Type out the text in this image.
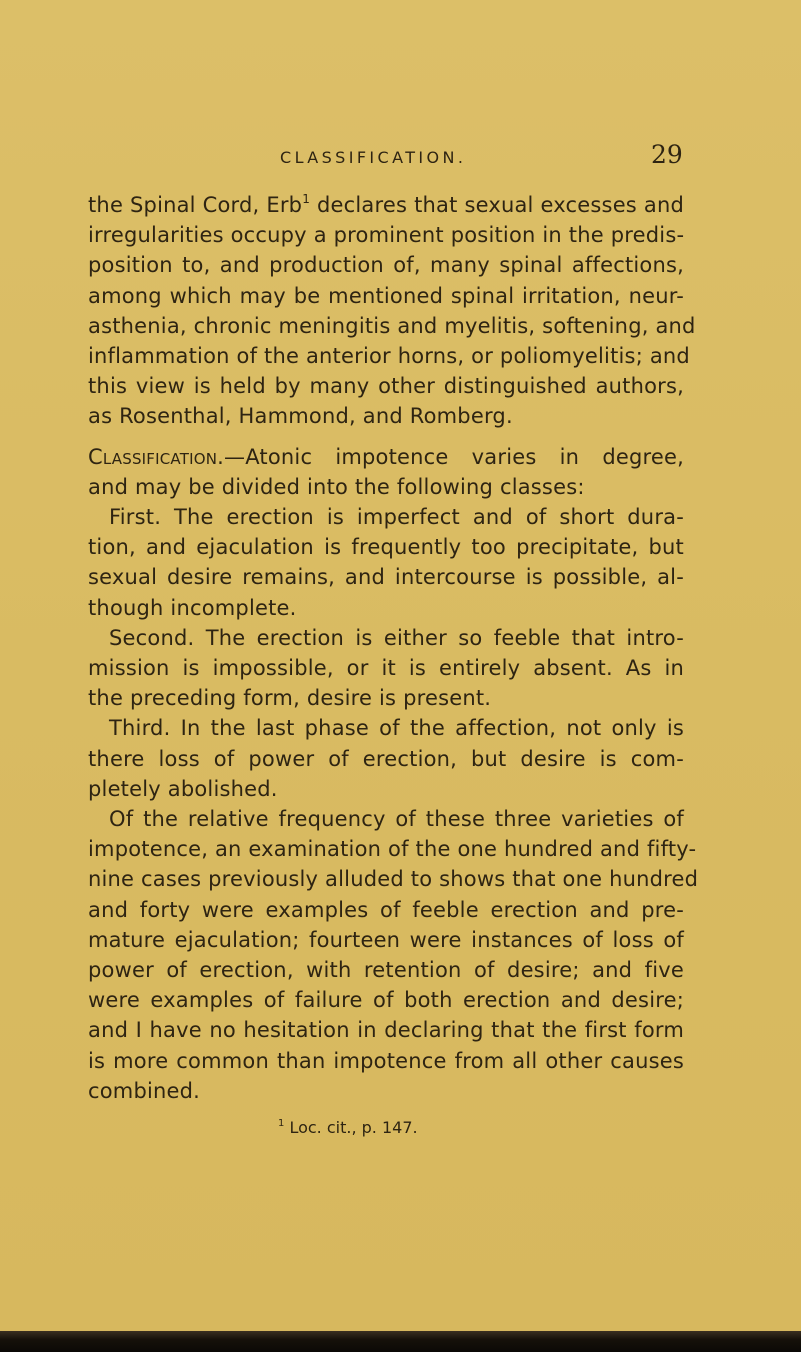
CLASSIFICATION.	29
the Spinal Cord, Erb$^1$ declares that sexual excesses and
irregularities occupy a prominent position in the predis-
position to, and production of, many spinal affections,
among which may be mentioned spinal irritation, neur-
asthenia, chronic meningitis and myelitis, softening, and
inflammation of the anterior horns, or poliomyelitis; and
this view is held by many other distinguished authors,
as Rosenthal, Hammond, and Romberg.
Classification.—Atonic impotence varies in degree,
and may be divided into the following classes:
First. The erection is imperfect and of short dura-
tion, and ejaculation is frequently too precipitate, but
sexual desire remains, and intercourse is possible, al-
though incomplete.
Second. The erection is either so feeble that intro-
mission is impossible, or it is entirely absent. As in
the preceding form, desire is present.
Third. In the last phase of the affection, not only is
there loss of power of erection, but desire is com-
pletely abolished.
Of the relative frequency of these three varieties of
impotence, an examination of the one hundred and fifty-
nine cases previously alluded to shows that one hundred
and forty were examples of feeble erection and pre-
mature ejaculation; fourteen were instances of loss of
power of erection, with retention of desire; and five
were examples of failure of both erection and desire;
and I have no hesitation in declaring that the first form
is more common than impotence from all other causes
combined.
$^1$ Loc. cit., p. 147.
